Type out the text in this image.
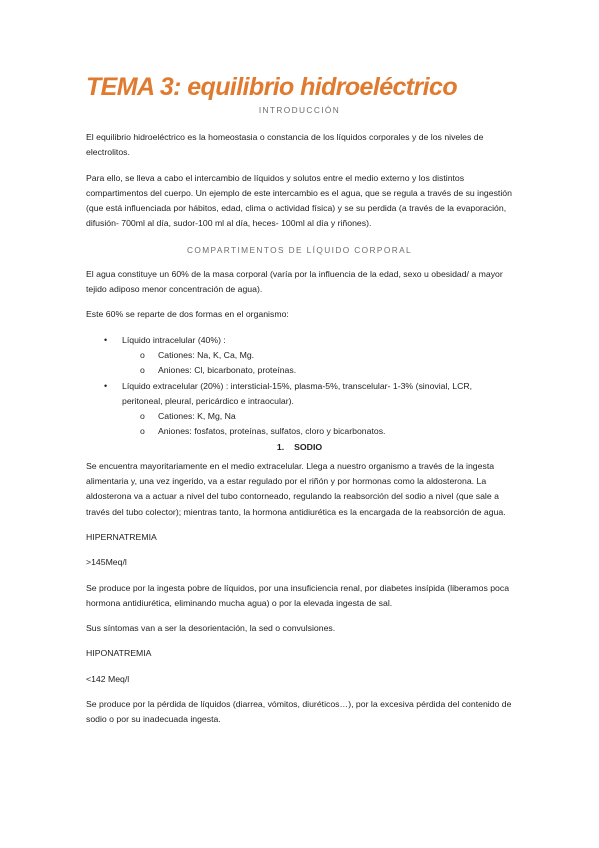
TEMA 3: equilibrio hidroeléctrico
INTRODUCCIÓN

El equilibrio hidroeléctrico es la homeostasia o constancia de los líquidos corporales y de los niveles de electrolitos.

Para ello, se lleva a cabo el intercambio de líquidos y solutos entre el medio externo y los distintos compartimentos del cuerpo. Un ejemplo de este intercambio es el agua, que se regula a través de su ingestión (que está influenciada por hábitos, edad, clima o actividad física) y se su perdida (a través de la evaporación, difusión- 700ml al día, sudor-100 ml al día, heces- 100ml al día y riñones).

COMPARTIMENTOS DE LÍQUIDO CORPORAL

El agua constituye un 60% de la masa corporal (varía por la influencia de la edad, sexo u obesidad/ a mayor tejido adiposo menor concentración de agua).

Este 60% se reparte de dos formas en el organismo:

• Líquido intracelular (40%) :
o Cationes: Na, K, Ca, Mg.
o Aniones: Cl, bicarbonato, proteínas.
• Líquido extracelular (20%) : intersticial-15%, plasma-5%, transcelular- 1-3% (sinovial, LCR, peritoneal, pleural, pericárdico e intraocular).
o Cationes: K, Mg, Na
o Aniones: fosfatos, proteínas, sulfatos, cloro y bicarbonatos.
1. SODIO

Se encuentra mayoritariamente en el medio extracelular. Llega a nuestro organismo a través de la ingesta alimentaria y, una vez ingerido, va a estar regulado por el riñón y por hormonas como la aldosterona. La aldosterona va a actuar a nivel del tubo contorneado, regulando la reabsorción del sodio a nivel (que sale a través del tubo colector); mientras tanto, la hormona antidiurética es la encargada de la reabsorción de agua.

HIPERNATREMIA

>145Meq/l

Se produce por la ingesta pobre de líquidos, por una insuficiencia renal, por diabetes insípida (liberamos poca hormona antidiurética, eliminando mucha agua) o por la elevada ingesta de sal.

Sus síntomas van a ser la desorientación, la sed o convulsiones.

HIPONATREMIA

<142 Meq/l

Se produce por la pérdida de líquidos (diarrea, vómitos, diuréticos…), por la excesiva pérdida del contenido de sodio o por su inadecuada ingesta.
